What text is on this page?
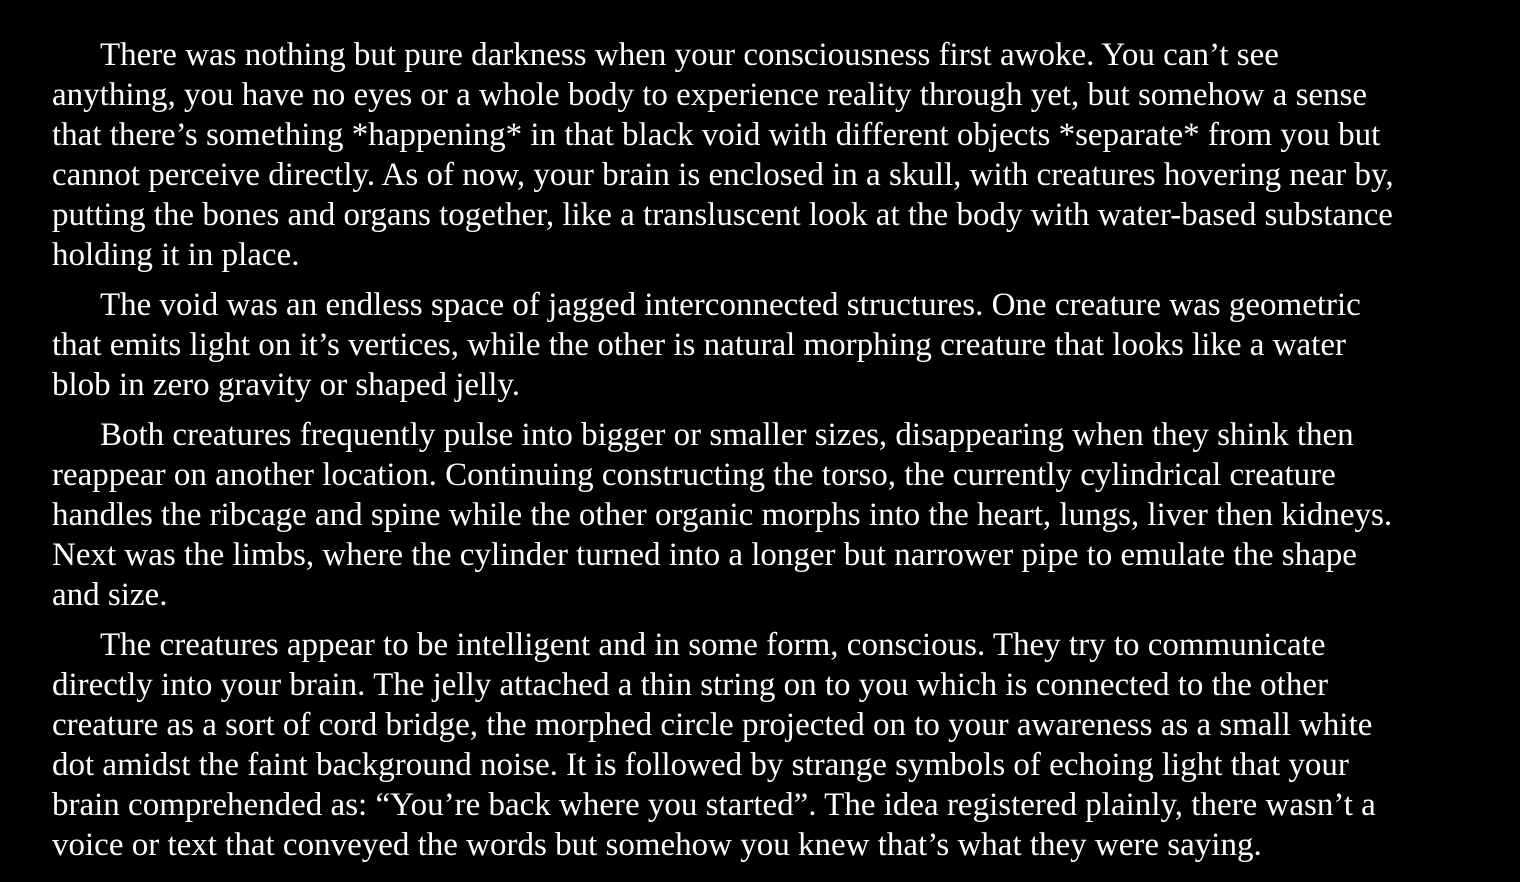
There was nothing but pure darkness when your consciousness first awoke. You can’t see
anything, you have no eyes or a whole body to experience reality through yet, but somehow a sense
that there’s something *happening* in that black void with different objects *separate* from you but
cannot perceive directly. As of now, your brain is enclosed in a skull, with creatures hovering near by,
putting the bones and organs together, like a transluscent look at the body with water-based substance
holding it in place.

The void was an endless space of jagged interconnected structures. One creature was geometric
that emits light on it’s vertices, while the other is natural morphing creature that looks like a water
blob in zero gravity or shaped jelly.

Both creatures frequently pulse into bigger or smaller sizes, disappearing when they shink then
reappear on another location. Continuing constructing the torso, the currently cylindrical creature
handles the ribcage and spine while the other organic morphs into the heart, lungs, liver then kidneys.
Next was the limbs, where the cylinder turned into a longer but narrower pipe to emulate the shape
and size.

The creatures appear to be intelligent and in some form, conscious. They try to communicate
directly into your brain. The jelly attached a thin string on to you which is connected to the other
creature as a sort of cord bridge, the morphed circle projected on to your awareness as a small white
dot amidst the faint background noise. It is followed by strange symbols of echoing light that your
brain comprehended as: “You’re back where you started”. The idea registered plainly, there wasn’t a
voice or text that conveyed the words but somehow you knew that’s what they were saying.
